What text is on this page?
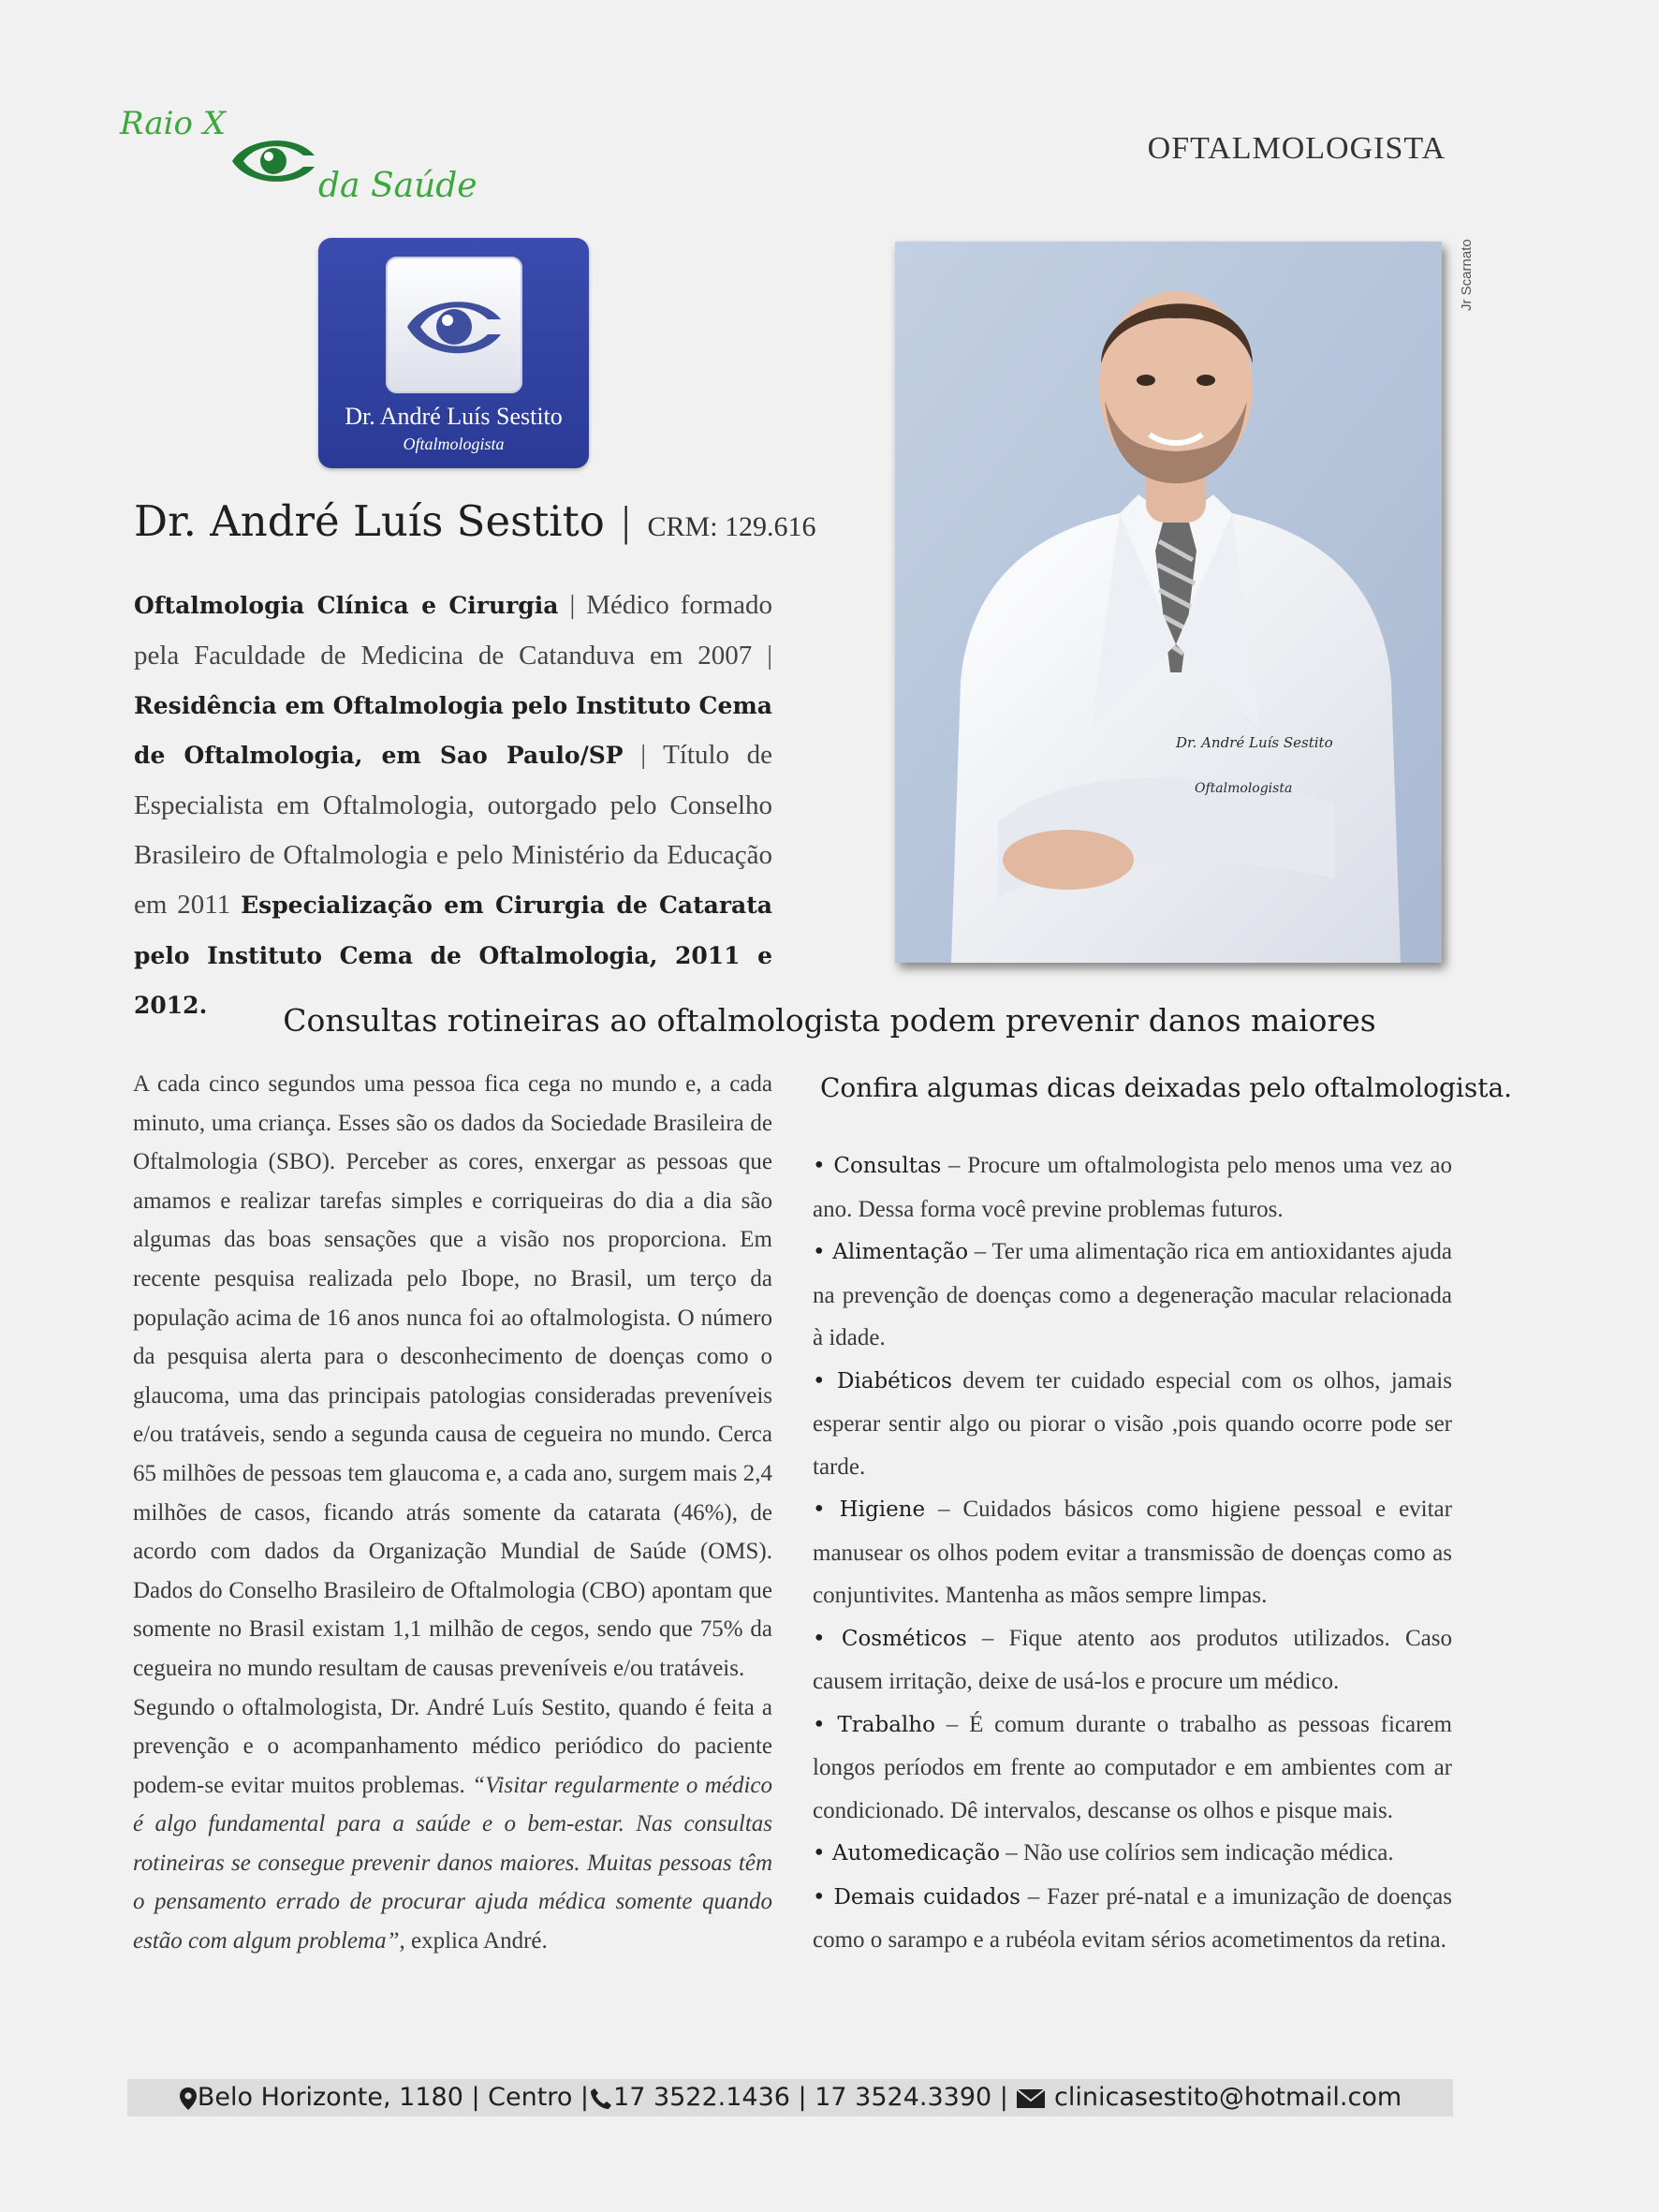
Raio X
da Saúde
OFTALMOLOGISTA
Dr. André Luís Sestito
Oftalmologista
Dr. André Luís Sestito | CRM: 129.616
Oftalmologia Clínica e Cirurgia | Médico formado pela Faculdade de Medicina de Catanduva em 2007 | Residência em Oftalmologia pelo Instituto Cema de Oftalmologia, em Sao Paulo/SP | Título de Especialista em Oftalmologia, outorgado pelo Conselho Brasileiro de Oftalmologia e pelo Ministério da Educação em 2011 Especialização em Cirurgia de Catarata pelo Instituto Cema de Oftalmologia, 2011 e 2012.
Dr. André Luís Sestito
Oftalmologista
Jr Scarnato
Consultas rotineiras ao oftalmologista podem prevenir danos maiores

A cada cinco segundos uma pessoa fica cega no mundo e, a cada minuto, uma criança. Esses são os dados da Sociedade Brasileira de Oftalmologia (SBO). Perceber as cores, enxergar as pessoas que amamos e realizar tarefas simples e corriqueiras do dia a dia são algumas das boas sensações que a visão nos proporciona. Em recente pesquisa realizada pelo Ibope, no Brasil, um terço da população acima de 16 anos nunca foi ao oftalmologista. O número da pesquisa alerta para o desconhecimento de doenças como o glaucoma, uma das principais patologias consideradas preveníveis e/ou tratáveis, sendo a segunda causa de cegueira no mundo. Cerca 65 milhões de pessoas tem glaucoma e, a cada ano, surgem mais 2,4 milhões de casos, ficando atrás somente da catarata (46%), de acordo com dados da Organização Mundial de Saúde (OMS). Dados do Conselho Brasileiro de Oftalmologia (CBO) apontam que somente no Brasil existam 1,1 milhão de cegos, sendo que 75% da cegueira no mundo resultam de causas preveníveis e/ou tratáveis.

Segundo o oftalmologista, Dr. André Luís Sestito, quando é feita a prevenção e o acompanhamento médico periódico do paciente podem-se evitar muitos problemas. “Visitar regularmente o médico é algo fundamental para a saúde e o bem-estar. Nas consultas rotineiras se consegue prevenir danos maiores. Muitas pessoas têm o pensamento errado de procurar ajuda médica somente quando estão com algum problema”, explica André.

Confira algumas dicas deixadas pelo oftalmologista.

• Consultas – Procure um oftalmologista pelo menos uma vez ao ano. Dessa forma você previne problemas futuros.

• Alimentação – Ter uma alimentação rica em antioxidantes ajuda na prevenção de doenças como a degeneração macular relacionada à idade.

• Diabéticos devem ter cuidado especial com os olhos, jamais esperar sentir algo ou piorar o visão ,pois quando ocorre pode ser tarde.

• Higiene – Cuidados básicos como higiene pessoal e evitar manusear os olhos podem evitar a transmissão de doenças como as conjuntivites. Mantenha as mãos sempre limpas.

• Cosméticos – Fique atento aos produtos utilizados. Caso causem irritação, deixe de usá-los e procure um médico.

• Trabalho – É comum durante o trabalho as pessoas ficarem longos períodos em frente ao computador e em ambientes com ar condicionado. Dê intervalos, descanse os olhos e pisque mais.

• Automedicação – Não use colírios sem indicação médica.

• Demais cuidados – Fazer pré-natal e a imunização de doenças como o sarampo e a rubéola evitam sérios acometimentos da retina.

Belo Horizonte, 1180 | Centro | 17 3522.1436 | 17 3524.3390 | clinicasestito@hotmail.com
